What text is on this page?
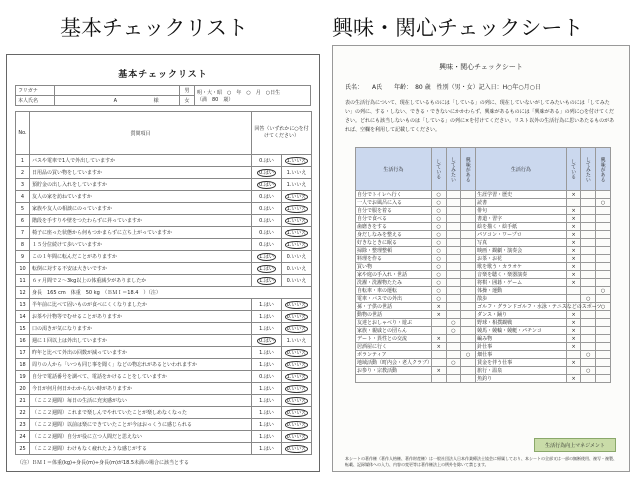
基本チェックリスト	興味・関心チェックシート
基本チェックリスト
フリガナ		男	明・大・昭　○　年　○　月　○日生
（満　80　歳）

本人氏名	A 様	女	
No.	質問項目	回答（いずれかに○を付けてください）	
1	バスや電車で1人で外出していますか	0.はい	1.いいえ
2	日用品の買い物をしていますか	0.はい	1.いいえ
3	預貯金の出し入れをしていますか	0.はい	1.いいえ
4	友人の家を訪ねていますか	0.はい	1.いいえ
5	家族や友人の相談にのっていますか	0.はい	1.いいえ
6	階段を手すりや壁をつたわらずに昇っていますか	0.はい	1.いいえ
7	椅子に座った状態から何もつかまらずに立ち上がっていますか	0.はい	1.いいえ
8	１５分位続けて歩いていますか	0.はい	1.いいえ
9	この１年間に転んだことがありますか	1.はい	0.いいえ
10	転倒に対する不安は大きいですか	1.はい	0.いいえ
11	６ヶ月間で２～3kg以上の体重減少がありましたか	1.はい	0.いいえ
12	身長　165 cm　体重　50 kg　（ＢＭＩ＝18.4　）（注）		
13	半年前に比べて固いものが食べにくくなりましたか	1.はい	0.いいえ
14	お茶や汁物等でむせることがありますか	1.はい	0.いいえ
15	口の渇きが気になりますか	1.はい	0.いいえ
16	週に１回以上は外出していますか	0.はい	1.いいえ
17	昨年と比べて外出の回数が減っていますか	1.はい	0.いいえ
18	周りの人から「いつも同じ事を聞く」などの物忘れがあるといわれますか	1.はい	0.いいえ
19	自分で電話番号を調べて、電話をかけることをしていますか	0.はい	1.いいえ
20	今日が何月何日かわからない時がありますか	1.はい	0.いいえ
21	（ここ２週間）毎日の生活に充実感がない	1.はい	0.いいえ
22	（ここ２週間）これまで楽しんでやれていたことが楽しめなくなった	1.はい	0.いいえ
23	（ここ２週間）以前は楽にできていたことが今はおっくうに感じられる	1.はい	0.いいえ
24	（ここ２週間）自分が役に立つ人間だと思えない	1.はい	0.いいえ
25	（ここ２週間）わけもなく疲れたような感じがする	1.はい	0.いいえ
（注）ＢＭＩ＝体重(kg)÷身長(m)÷身長(m)が18.5未満の場合に該当とする
興味・関心チェックシート
氏名：　　A氏　　年齢：　80 歳　性別（男・女）記入日：H○年○月○日
表の生活行為について、現在しているものには「している」の列に、現在していないがしてみたいものには「してみたい」の列に、する・しない、できる・できないにかかわらず、興味があるものには「興味がある」の列に○を付けてください。どれにも該当しないものは「している」の列に×を付けてください。リスト以外の生活行為に思いあたるものがあれば、空欄を利用して記載してください。
生活行為	している	してみたい	興味がある	生活行為	している	してみたい	興味がある
自分でトイレへ行く	○			生涯学習・歴史	×		
一人でお風呂に入る	○			読書			○
自分で服を着る	○			俳句	×		
自分で食べる	○			書道・習字	×		
歯磨きをする	○			絵を描く・絵手紙	×		
身だしなみを整える	○			パソコン・ワープロ	×		
好きなときに眠る	○			写真	×		
掃除・整理整頓	○			映画・観劇・演奏会	×		
料理を作る	○			お茶・お花	×		
買い物	○			歌を歌う・カラオケ	×		
家や庭の手入れ・世話	○			音楽を聴く・楽器演奏	×		
洗濯・洗濯物たたみ	○			将棋・囲碁・ゲーム	×		
自転車・車の運転	○			体操・運動			○
電車・バスでの外出	○			散歩		○	
孫・子供の世話	×			ゴルフ・グランドゴルフ・水泳・テニスなどのスポーツ			○
動物の世話	×			ダンス・踊り	×		
友達とおしゃべり・遊ぶ		○		野球・相撲観戦	×		
家族・親戚との団らん		○		競馬・競輪・競艇・パチンコ	×		
デート・異性との交流	×			編み物	×		
居酒屋に行く	×			針仕事	×		
ボランティア			○	畑仕事		○	
地域活動（町内会・老人クラブ）		○		賃金を伴う仕事	×		
お参り・宗教活動	×			旅行・温泉		○	
				魚釣り	×		
生活行為向上マネジメント
本シートの著作権（著作人格権、著作財産権）は一般社団法人日本作業療法士協会に帰属しており、本シートの全部又は一部の無断使用、複写・複製、転載、記録媒体への入力、内容の変更等は著作権法上の例外を除いて禁じます。
